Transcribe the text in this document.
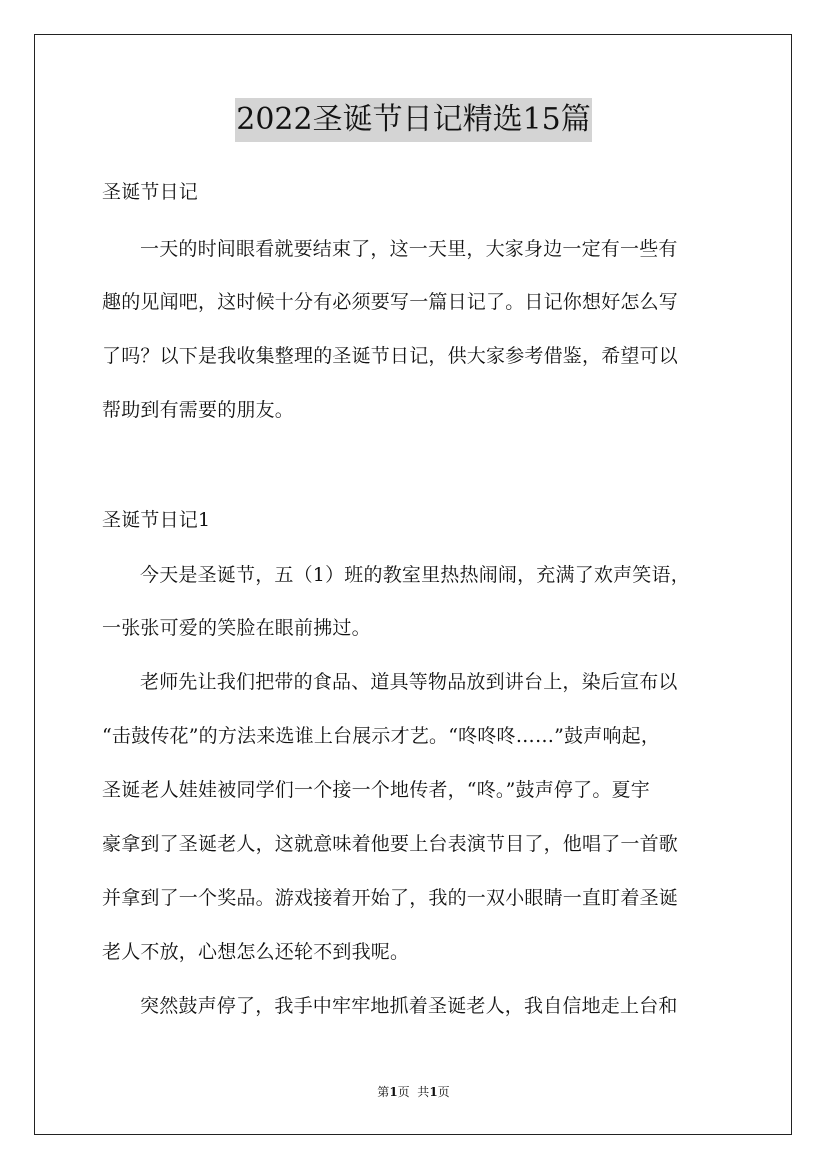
2022圣诞节日记精选15篇
圣诞节日记
一天的时间眼看就要结束了，这一天里，大家身边一定有一些有
趣的见闻吧，这时候十分有必须要写一篇日记了。日记你想好怎么写
了吗？以下是我收集整理的圣诞节日记，供大家参考借鉴，希望可以
帮助到有需要的朋友。
圣诞节日记1
今天是圣诞节，五（1）班的教室里热热闹闹，充满了欢声笑语，
一张张可爱的笑脸在眼前拂过。
老师先让我们把带的食品、道具等物品放到讲台上，染后宣布以
“击鼓传花”的方法来选谁上台展示才艺。“咚咚咚……”鼓声响起，
圣诞老人娃娃被同学们一个接一个地传者，“咚。”鼓声停了。夏宇
豪拿到了圣诞老人，这就意味着他要上台表演节目了，他唱了一首歌
并拿到了一个奖品。游戏接着开始了，我的一双小眼睛一直盯着圣诞
老人不放，心想怎么还轮不到我呢。
突然鼓声停了，我手中牢牢地抓着圣诞老人，我自信地走上台和
第1页  共1页
